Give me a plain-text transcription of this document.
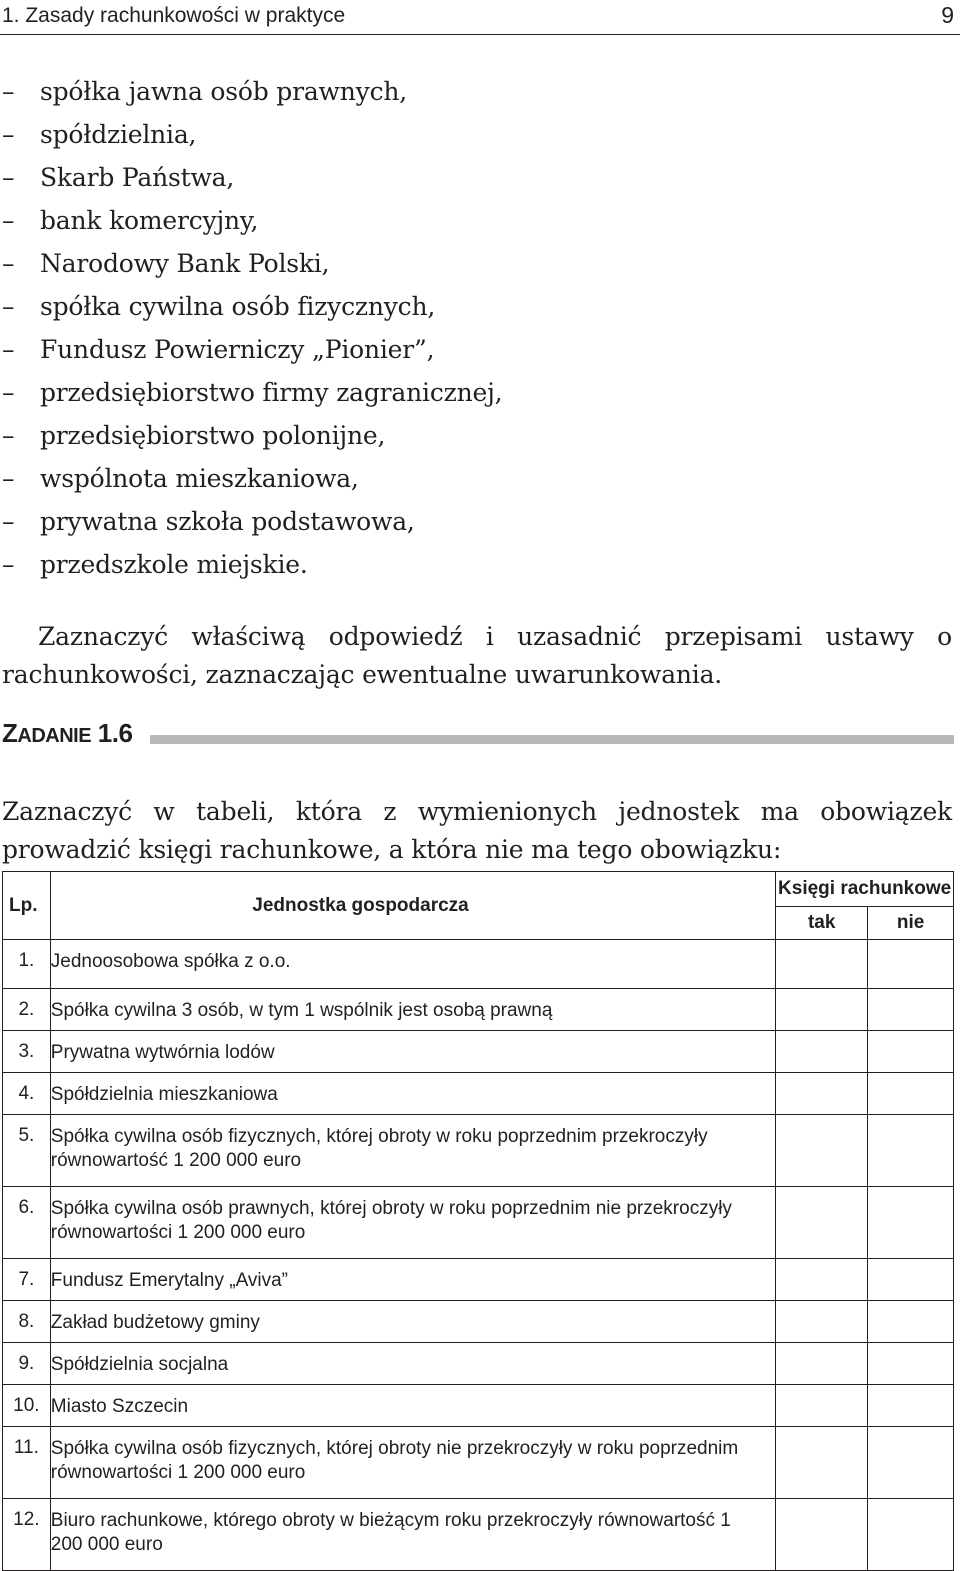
1. Zasady rachunkowości w praktyce	9
– spółka jawna osób prawnych,
– spółdzielnia,
– Skarb Państwa,
– bank komercyjny,
– Narodowy Bank Polski,
– spółka cywilna osób fizycznych,
– Fundusz Powierniczy „Pionier”,
– przedsiębiorstwo firmy zagranicznej,
– przedsiębiorstwo polonijne,
– wspólnota mieszkaniowa,
– prywatna szkoła podstawowa,
– przedszkole miejskie.

Zaznaczyć właściwą odpowiedź i uzasadnić przepisami ustawy o rachunkowości, zaznaczając ewentualne uwarunkowania.

ZADANIE 1.6

Zaznaczyć w tabeli, która z wymienionych jednostek ma obowiązek prowadzić księgi rachunkowe, a która nie ma tego obowiązku:

Lp.	Jednostka gospodarcza	Księgi rachunkowe	
		tak	nie
1.	Jednoosobowa spółka z o.o.		
2.	Spółka cywilna 3 osób, w tym 1 wspólnik jest osobą prawną		
3.	Prywatna wytwórnia lodów		
4.	Spółdzielnia mieszkaniowa		
5.	Spółka cywilna osób fizycznych, której obroty w roku poprzednim przekroczyły równowartość 1 200 000 euro		
6.	Spółka cywilna osób prawnych, której obroty w roku poprzednim nie przekroczyły równowartości 1 200 000 euro		
7.	Fundusz Emerytalny „Aviva”		
8.	Zakład budżetowy gminy		
9.	Spółdzielnia socjalna		
10.	Miasto Szczecin		
11.	Spółka cywilna osób fizycznych, której obroty nie przekroczyły w roku poprzednim równowartości 1 200 000 euro		
12.	Biuro rachunkowe, którego obroty w bieżącym roku przekroczyły równowartość 1 200 000 euro		
